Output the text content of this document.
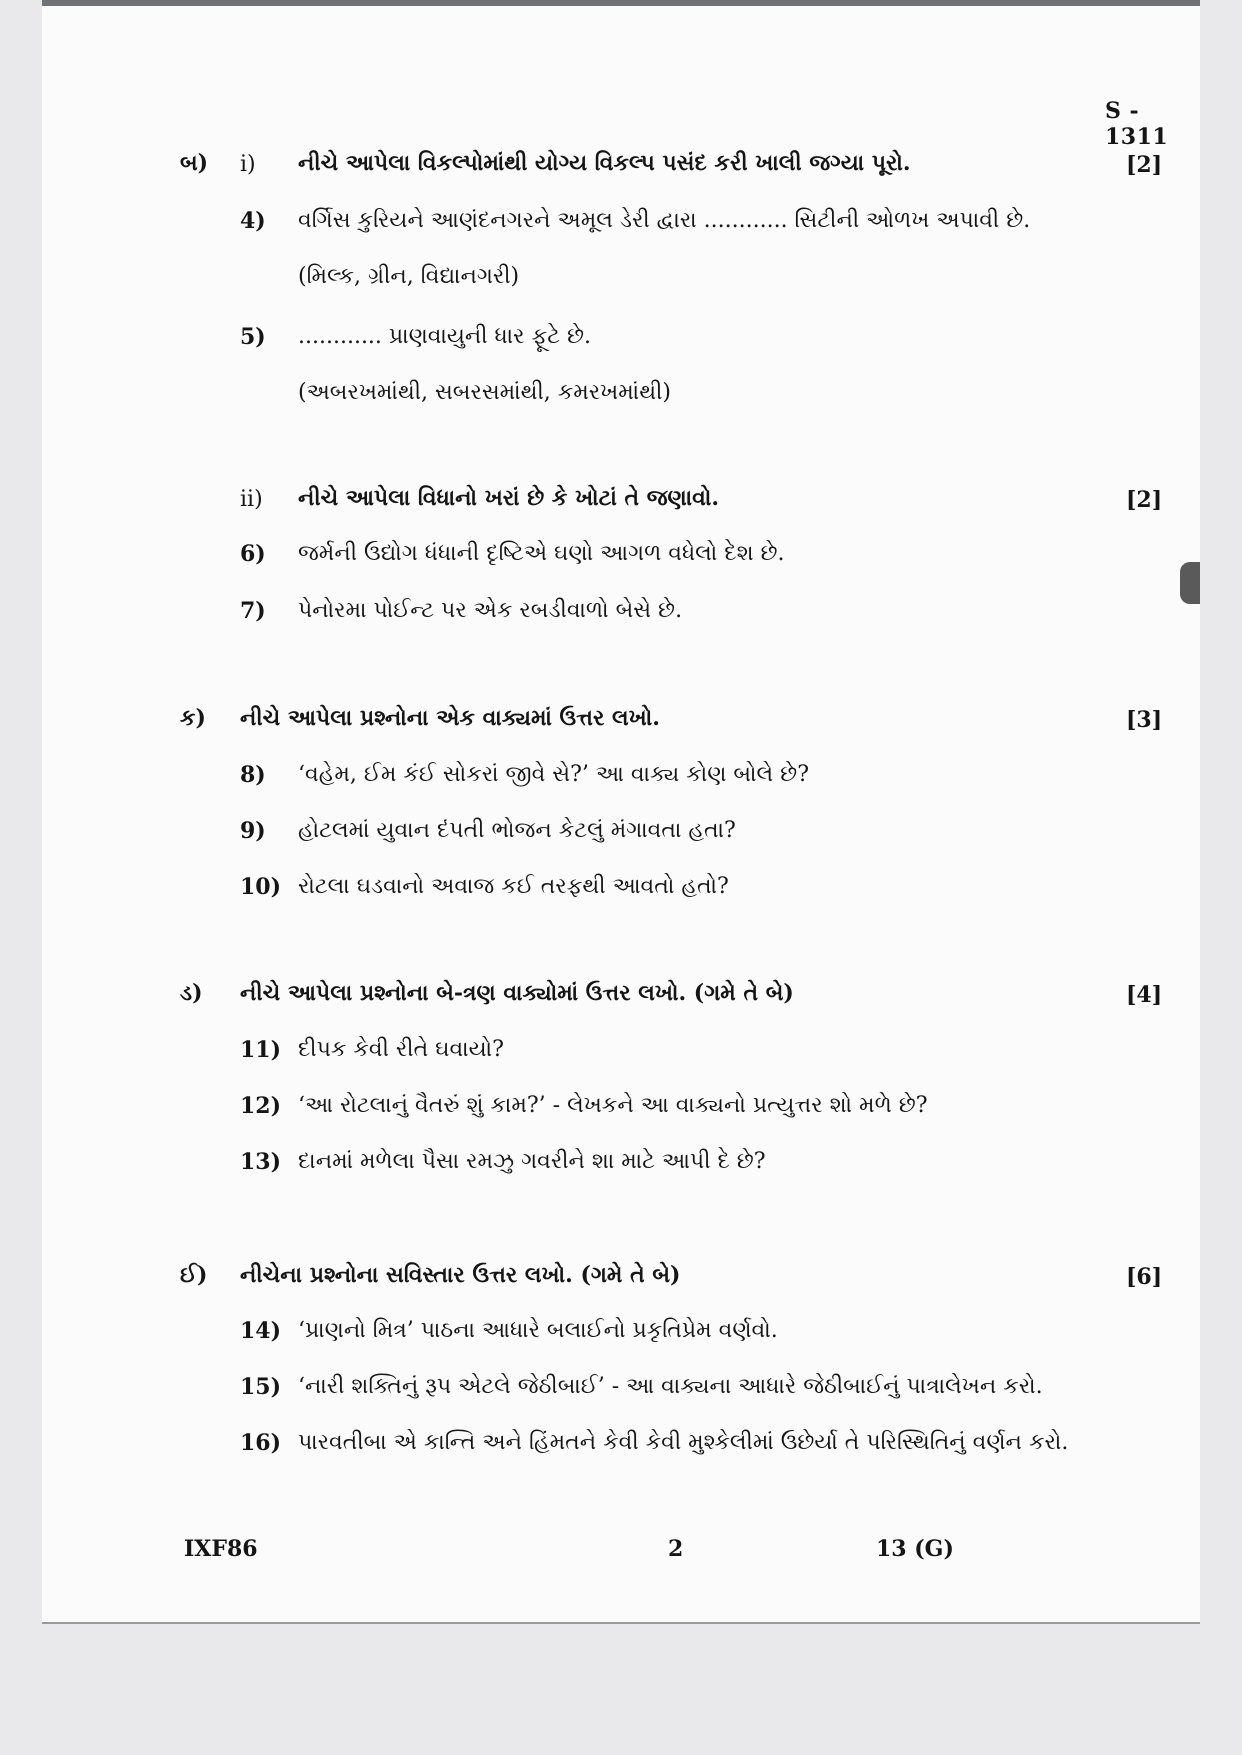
S - 1311
બ) i) નીચે આપેલા વિકલ્પોમાંથી યોગ્ય વિકલ્પ પસંદ કરી ખાલી જગ્યા પૂરો.	[2]
4) વર્ગિસ કુરિયને આણંદનગરને અમૂલ ડેરી દ્વારા ............ સિટીની ઓળખ અપાવી છે.
(મિલ્ક, ગ્રીન, વિદ્યાનગરી)
5) ............ પ્રાણવાયુની ધાર ફૂટે છે.
(અબરખમાંથી, સબરસમાંથી, કમરખમાંથી)
ii) નીચે આપેલા વિધાનો ખરાં છે કે ખોટાં તે જણાવો.	[2]
6) જર્મની ઉદ્યોગ ધંધાની દૃષ્ટિએ ઘણો આગળ વધેલો દેશ છે.
7) પેનોરમા પોઈન્ટ પર એક રબડીવાળો બેસે છે.
ક) નીચે આપેલા પ્રશ્નોના એક વાક્યમાં ઉત્તર લખો.	[3]
8) ‘વહેમ, ઈમ કંઈ સોકરાં જીવે સે?’ આ વાક્ય કોણ બોલે છે?
9) હોટલમાં યુવાન દંપતી ભોજન કેટલું મંગાવતા હતા?
10) રોટલા ઘડવાનો અવાજ કઈ તરફથી આવતો હતો?
ડ) નીચે આપેલા પ્રશ્નોના બે-ત્રણ વાક્યોમાં ઉત્તર લખો. (ગમે તે બે)	[4]
11) દીપક કેવી રીતે ઘવાયો?
12) ‘આ રોટલાનું વૈતરું શું કામ?’ - લેખકને આ વાક્યનો પ્રત્યુત્તર શો મળે છે?
13) દાનમાં મળેલા પૈસા રમઝુ ગવરીને શા માટે આપી દે છે?
ઈ) નીચેના પ્રશ્નોના સવિસ્તાર ઉત્તર લખો. (ગમે તે બે)	[6]
14) ‘પ્રાણનો મિત્ર’ પાઠના આધારે બલાઈનો પ્રકૃતિપ્રેમ વર્ણવો.
15) ‘નારી શક્તિનું રૂપ એટલે જેઠીબાઈ’ - આ વાક્યના આધારે જેઠીબાઈનું પાત્રાલેખન કરો.
16) પારવતીબા એ કાન્તિ અને હિંમતને કેવી કેવી મુશ્કેલીમાં ઉછેર્યા તે પરિસ્થિતિનું વર્ણન કરો.
IXF86	2	13 (G)
